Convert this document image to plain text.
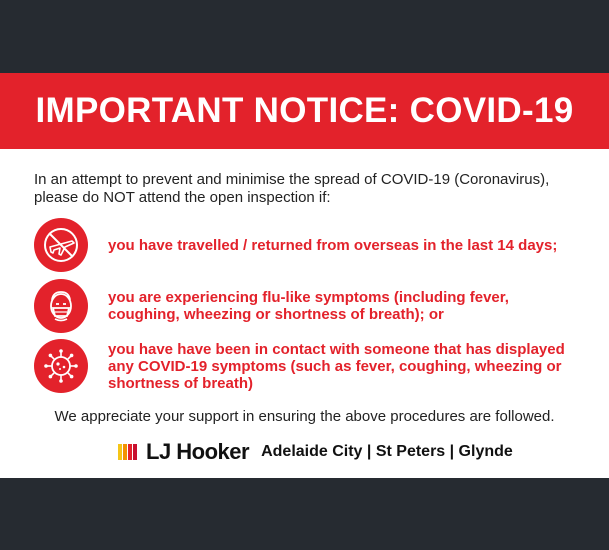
IMPORTANT NOTICE: COVID-19
In an attempt to prevent and minimise the spread of COVID-19 (Coronavirus), please do NOT attend the open inspection if:
you have travelled / returned from overseas in the last 14 days;
you are experiencing flu-like symptoms (including fever, coughing, wheezing or shortness of breath); or
you have have been in contact with someone that has displayed any COVID-19 symptoms (such as fever, coughing, wheezing or shortness of breath)
We appreciate your support in ensuring the above procedures are followed.
LJ Hooker Adelaide City | St Peters | Glynde
